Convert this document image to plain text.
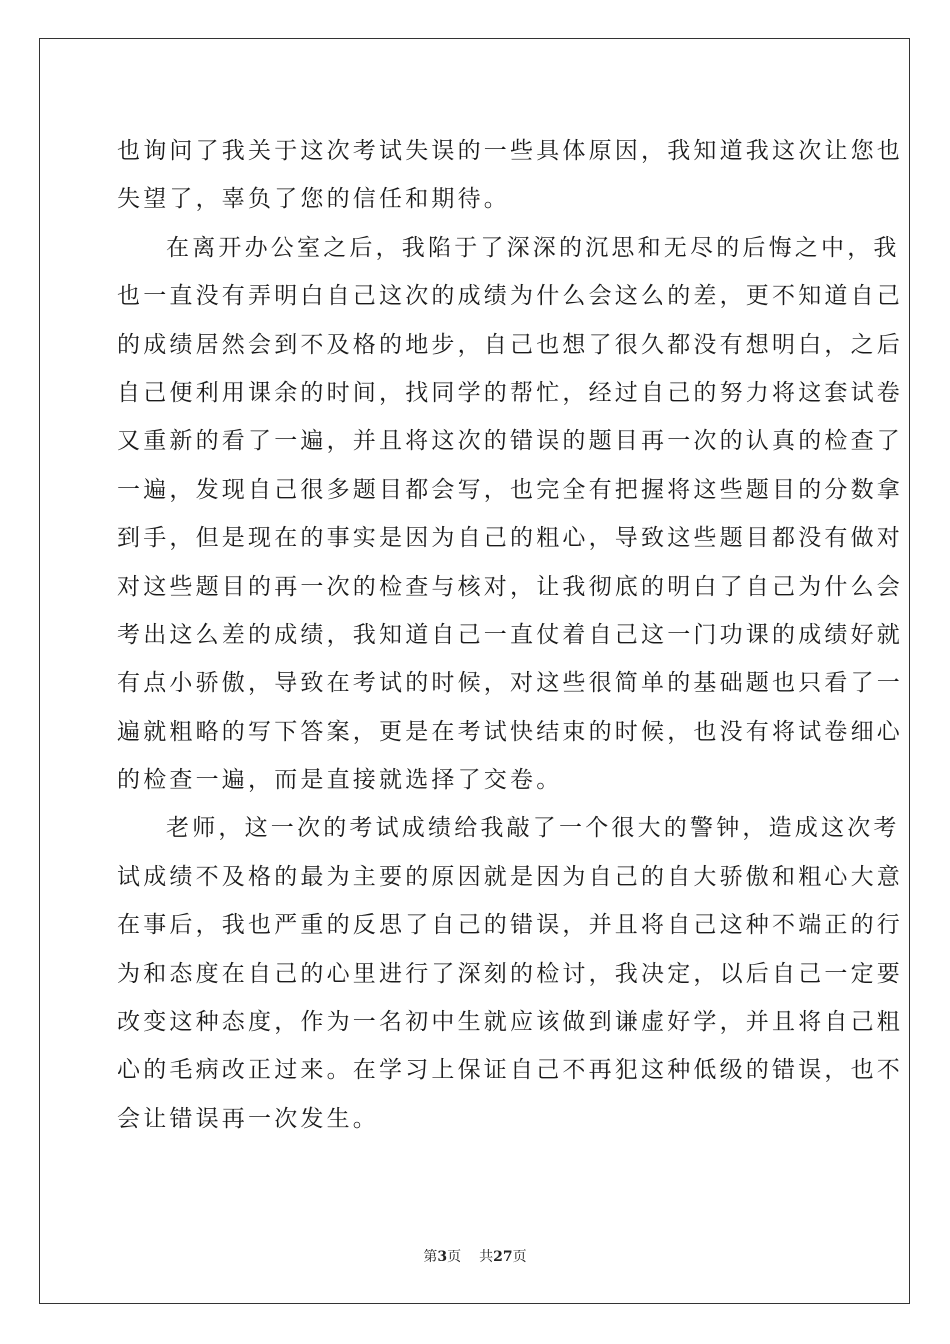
也询问了我关于这次考试失误的一些具体原因，我知道我这次让您也
失望了，辜负了您的信任和期待。
在离开办公室之后，我陷于了深深的沉思和无尽的后悔之中，我
也一直没有弄明白自己这次的成绩为什么会这么的差，更不知道自己
的成绩居然会到不及格的地步，自己也想了很久都没有想明白，之后
自己便利用课余的时间，找同学的帮忙，经过自己的努力将这套试卷
又重新的看了一遍，并且将这次的错误的题目再一次的认真的检查了
一遍，发现自己很多题目都会写，也完全有把握将这些题目的分数拿
到手，但是现在的事实是因为自己的粗心，导致这些题目都没有做对
对这些题目的再一次的检查与核对，让我彻底的明白了自己为什么会
考出这么差的成绩，我知道自己一直仗着自己这一门功课的成绩好就
有点小骄傲，导致在考试的时候，对这些很简单的基础题也只看了一
遍就粗略的写下答案，更是在考试快结束的时候，也没有将试卷细心
的检查一遍，而是直接就选择了交卷。
老师，这一次的考试成绩给我敲了一个很大的警钟，造成这次考
试成绩不及格的最为主要的原因就是因为自己的自大骄傲和粗心大意
在事后，我也严重的反思了自己的错误，并且将自己这种不端正的行
为和态度在自己的心里进行了深刻的检讨，我决定，以后自己一定要
改变这种态度，作为一名初中生就应该做到谦虚好学，并且将自己粗
心的毛病改正过来。在学习上保证自己不再犯这种低级的错误，也不
会让错误再一次发生。
第3页 共27页
